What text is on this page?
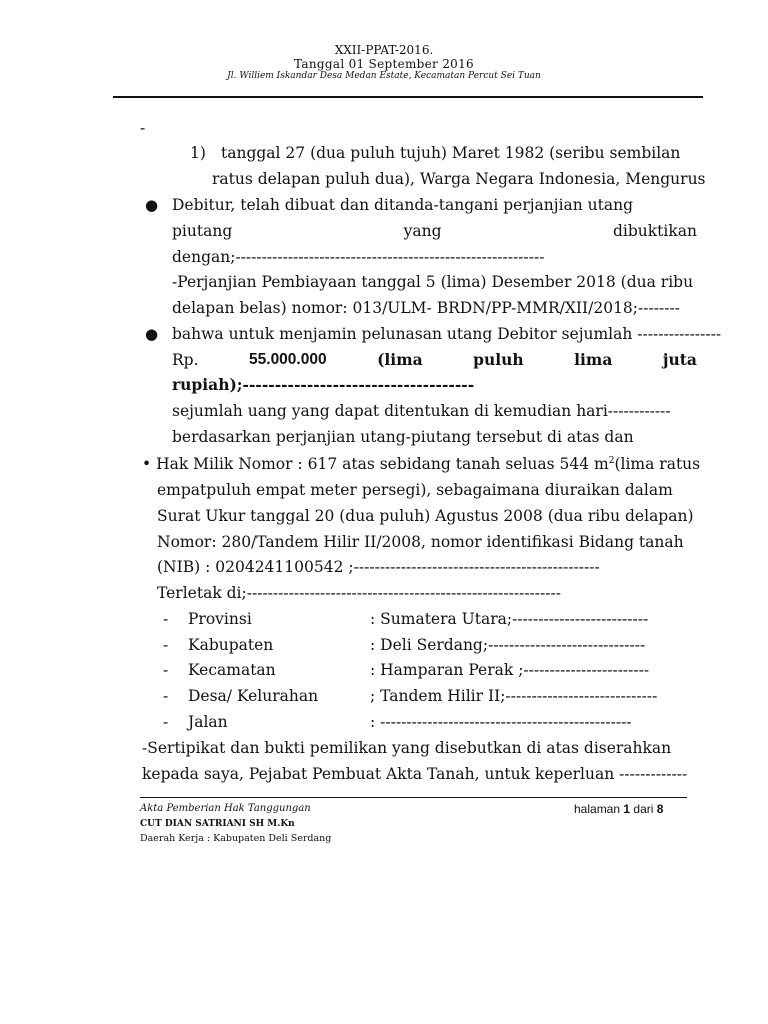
XXII-PPAT-2016.
Tanggal 01 September 2016
Jl. Williem Iskandar Desa Medan Estate, Kecamatan Percut Sei Tuan
-
1) tanggal 27 (dua puluh tujuh) Maret 1982 (seribu sembilan
ratus delapan puluh dua), Warga Negara Indonesia, Mengurus
● Debitur, telah dibuat dan ditanda-tangani perjanjian utang
piutang	yang	dibuktikan
dengan;-----------------------------------------------------------
-Perjanjian Pembiayaan tanggal 5 (lima) Desember 2018 (dua ribu
delapan belas) nomor: 013/ULM- BRDN/PP-MMR/XII/2018;--------
● bahwa untuk menjamin pelunasan utang Debitor sejumlah ----------------
Rp.	55.000.000	(lima	puluh	lima	juta
rupiah);------------------------------------
sejumlah uang yang dapat ditentukan di kemudian hari------------
berdasarkan perjanjian utang-piutang tersebut di atas dan
• Hak Milik Nomor : 617 atas sebidang tanah seluas 544 $m^2(\lim a$ ratus
empatpuluh empat meter persegi), sebagaimana diuraikan dalam
Surat Ukur tanggal 20 (dua puluh) Agustus 2008 (dua ribu delapan)
Nomor: 280/Tandem Hilir II/2008, nomor identifikasi Bidang tanah
(NIB) : 0204241100542 ;-----------------------------------------------
Terletak di;------------------------------------------------------------
- Provinsi	: Sumatera Utara;--------------------------
- Kabupaten	: Deli Serdang;------------------------------
- Kecamatan	: Hamparan Perak ;------------------------
- Desa/ Kelurahan	; Tandem Hilir II;-----------------------------
- Jalan	: ------------------------------------------------
-Sertipikat dan bukti pemilikan yang disebutkan di atas diserahkan
kepada saya, Pejabat Pembuat Akta Tanah, untuk keperluan -------------
Akta Pemberian Hak Tanggungan	halaman 1 dari 8
CUT DIAN SATRIANI SH M.Kn
Daerah Kerja : Kabupaten Deli Serdang
